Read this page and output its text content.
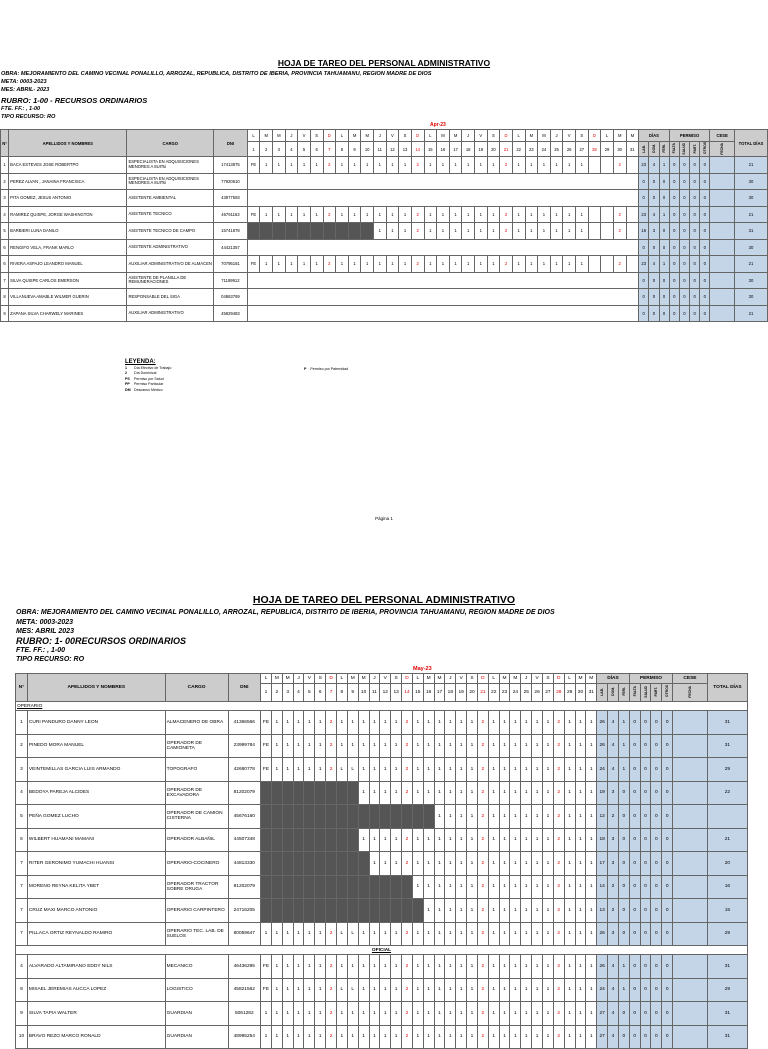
HOJA DE TAREO DEL PERSONAL ADMINISTRATIVO
OBRA: MEJORAMIENTO DEL CAMINO VECINAL PONALILLO, ARROZAL, REPUBLICA, DISTRITO DE IBERIA, PROVINCIA TAHUAMANU, REGION MADRE DE DIOS
META: 0003-2023
MES: ABRIL- 2023
RUBRO: 1-00 - RECURSOS ORDINARIOS
FTE. FF.: , 1-00
TIPO RECURSO: RO
Apr-23
N°	APELLIDOS Y NOMBRES	CARGO	DNI	L	M	M	J	V	S	D	L	M	M	J	V	S	D	L	M	M	J	V	S	D	L	M	M	J	V	S	D	L	M	M	DÍAS			PERMISO				CESE	TOTAL DÍAS
				1	2	3	4	5	6	7	8	9	10	11	12	13	14	15	16	17	18	19	20	21	22	23	24	25	26	27	28	29	30	31	LAB.	DOM.	FERI.	FALTA	SALUD	PART.	OTROS	FECHA	
1	BACA ESTEVES JOSE ROBERTPO	ESPECIALISTA EN ADQUISICIONES MENORES A 8UITsi	17413875	FE	1	1	1	1	1	2	1	1	1	1	1	1	2	1	1	1	1	1	1	2	1	1	1	1	1	1			2		23	4	1	0	0	0	0		21
2	PEREZ ALVAN , JANAINA FRANCISCA	ESPECIALISTA EN ADQUISICIONES MENORES A 8UITsi	77920610																																0	0	0	0	0	0	0		30
3	PITA GOMEZ, JESUS ANTONIO	ASISTENTE AMBIENTAL	43977593																																0	0	0	0	0	0	0		30
4	RAMIREZ QUISPE, JORGE WASHINGTON	ASISTENTE TECNICO	46791163	FE	1	1	1	1	1	2	1	1	1	1	1	1	2	1	1	1	1	1	1	2	1	1	1	1	1	1			2		23	4	1	0	0	0	0		21
5	BARBIERI LUNA DANILO	ASISTENTE TECNICO DE CAMPO	15741878											1	1	1	2	1	1	1	1	1	1	2	1	1	1	1	1	1			2		16	3	0	0	0	0	0		31
6	RENGIFO VELA, FRANK MARLO	ASISTENTE ADMINISTRATIVO	44421357																																0	0	0	0	0	0	0		30
6	RIVERA ASPAJO LEANDRO MANUEL	AUXILIAR ADMINISTRATIVO DE ALMACEN	70795181	FE	1	1	1	1	1	2	1	1	1	1	1	1	2	1	1	1	1	1	1	2	1	1	1	1	1	1			2		23	4	1	0	0	0	0		21
7	SILVA QUISPE CARLOS EMERSON	ASISTENTE DE PLANILLA DE REMUNERACIONES	71199912																																0	0	0	0	0	0	0		30
8	VILLANUEVA AMABLE WILMER GUERIN	RESPONSABLE DEL SIGA	04863769																																0	0	0	0	0	0	0		30
9	ZAPANA SILVA CHARWELY MARINES	AUXILIAR ADMINISTRATIVO	45829483																																0	0	0	0	0	0	0		21
LEYENDA:
1 Día Efectivo de Trabajo
2 Día Dominical
PS Permiso por Salud
PP Permiso Particular
DM Descanso Médico
P Permiso por Paternidad
Página 1
HOJA DE TAREO DEL PERSONAL ADMINISTRATIVO
OBRA: MEJORAMIENTO DEL CAMINO VECINAL PONALILLO, ARROZAL, REPUBLICA, DISTRITO DE IBERIA, PROVINCIA TAHUAMANU, REGION MADRE DE DIOS
META: 0003-2023
MES: ABRIL 2023
RUBRO: 1- 00RECURSOS ORDINARIOS
FTE. FF.: , 1-00
TIPO RECURSO: RO
May-23
N°	APELLIDOS Y NOMBRES	CARGO	DNI	L	M	M	J	V	S	D	L	M	M	J	V	S	D	L	M	M	J	V	S	D	L	M	M	J	V	S	D	L	M	M	DÍAS			PERMISO				CESE	TOTAL DÍAS
				1	2	3	4	5	6	7	8	9	10	11	12	13	14	15	16	17	18	19	20	21	22	23	24	25	26	27	28	29	30	31	LAB.	DOM.	FERI.	FALTA	SALUD	PART.	OTROS	FECHA	
OPERARIO																																											
1	CURI PANDURO DANNY LEON	ALMACENERO DE OBRA	41366566	FE	1	1	1	1	1	2	1	1	1	1	1	1	2	1	1	1	1	1	1	2	1	1	1	1	1	1	2	1	1	1	26	4	1	0	0	0	0		31
2	PINEDO MORA MANUEL	OPERADOR DE CAMIONETA	23999784	FE	1	1	1	1	1	2	1	1	1	1	1	1	2	1	1	1	1	1	1	2	1	1	1	1	1	1	2	1	1	1	26	4	1	0	0	0	0		31
3	VEINTEMILLAS GARCIA LUIS ARMANDO	TOPOGRAFO	42680778	FE	1	1	1	1	1	2	L	L	1	1	1	1	2	1	1	1	1	1	1	2	1	1	1	1	1	1	2	1	1	1	24	4	1	0	0	0	0		29
4	BEDOYA PAREJA ALCIDES	OPERADOR DE EXCAVADORA	81202079										1	1	1	1	2	1	1	1	1	1	1	2	1	1	1	1	1	1	2	1	1	1	19	3	0	0	0	0	0		22
5	PEÑA GOMEZ LUCHO	OPERADOR DE CAMION CISTERNA	45676160																	1	1	1	1	2	1	1	1	1	1	1	2	1	1	1	12	2	0	0	0	0	0		
6	WILBERT HUAMANI MAMANI	OPERADOR ALBAÑIL	44507348										1	1	1	1	2	1	1	1	1	1	1	2	1	1	1	1	1	1	2	1	1	1	18	3	0	0	0	0	0		21
7	RITER GERONIMO YUMACHI HUANSI	OPERARIO-COCINERO	44813330											1	1	1	2	1	1	1	1	1	1	2	1	1	1	1	1	1	2	1	1	1	17	3	0	0	0	0	0		20
7	MORENO REYNA KELITA YBET	OPERADOR TRACTOR SOBRE ORUGA	81202079															1	1	1	1	1	1	2	1	1	1	1	1	1	2	1	1	1	14	2	0	0	0	0	0		16
7	CRUZ MAXI MARCO ANTONIO	OPERARIO CARPINTERO	24716205																1	1	1	1	1	2	1	1	1	1	1	1	2	1	1	1	13	2	0	0	0	0	0		15
7	PILLACA ORTIZ REYNALDO RAMIRO	OPERARIO TEC. LAB. DE SUELOS	80059647	1	1	1	1	1	1	2	L	L	1	1	1	1	2	1	1	1	1	1	1	2	1	1	1	1	1	1	2	1	1	1	26	3	0	0	0	0	0		29
OFICIAL																																											
4	ALVARADO ALTAMIRANO EDDY NILS	MECANICO	46436295	FE	1	1	1	1	1	2	1	1	1	1	1	1	2	1	1	1	1	1	1	2	1	1	1	1	1	1	2	1	1	1	26	4	1	0	0	0	0		31
8	MISAEL JEREMIAS AUCCA LOPEZ	LOGISTICO	45821562	FE	1	1	1	1	1	2	L	L	1	1	1	1	2	1	1	1	1	1	1	2	1	1	1	1	1	1	2	1	1	1	24	4	1	0	0	0	0		29
9	SILVA TAPIA WALTER	GUARDIAN	5061282	1	1	1	1	1	1	2	1	1	1	1	1	1	2	1	1	1	1	1	1	2	1	1	1	1	1	1	2	1	1	1	27	4	0	0	0	0	0		31
10	BRAVO REZO MARCO RONALD	GUARDIAN	48995254	1	1	1	1	1	1	2	1	1	1	1	1	1	2	1	1	1	1	1	1	2	1	1	1	1	1	1	2	1	1	1	27	4	0	0	0	0	0		31
